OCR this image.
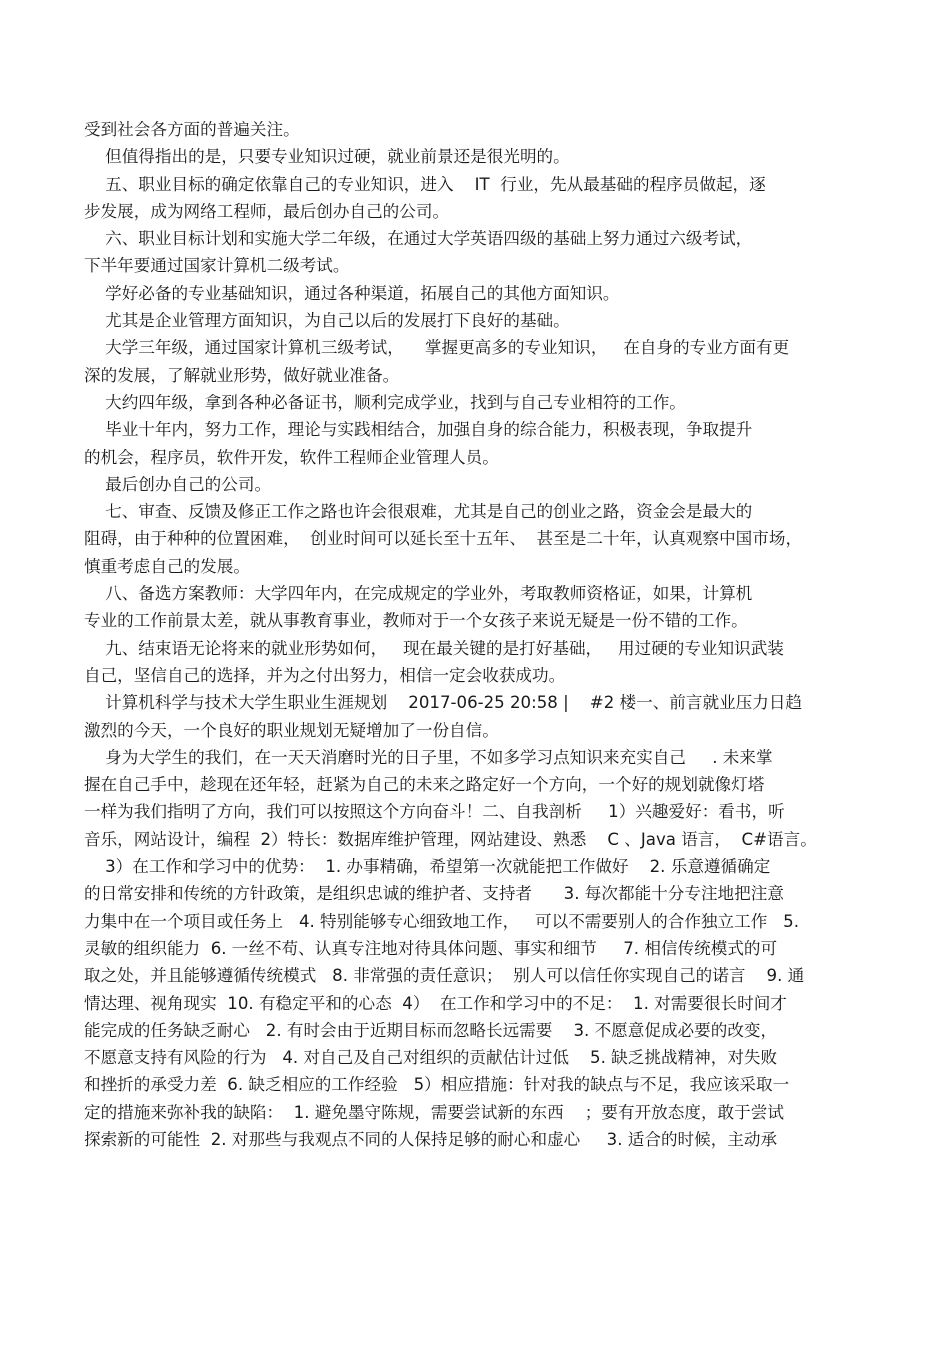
受到社会各方面的普遍关注。
但值得指出的是，只要专业知识过硬，就业前景还是很光明的。
五、职业目标的确定依靠自己的专业知识，进入    IT  行业，先从最基础的程序员做起，逐
步发展，成为网络工程师，最后创办自己的公司。
六、职业目标计划和实施大学二年级，在通过大学英语四级的基础上努力通过六级考试，
下半年要通过国家计算机二级考试。
学好必备的专业基础知识，通过各种渠道，拓展自己的其他方面知识。
尤其是企业管理方面知识，为自己以后的发展打下良好的基础。
大学三年级，通过国家计算机三级考试，    掌握更高多的专业知识，   在自身的专业方面有更
深的发展，了解就业形势，做好就业准备。
大约四年级，拿到各种必备证书，顺利完成学业，找到与自己专业相符的工作。
毕业十年内，努力工作，理论与实践相结合，加强自身的综合能力，积极表现，争取提升
的机会，程序员，软件开发，软件工程师企业管理人员。
最后创办自己的公司。
七、审查、反馈及修正工作之路也许会很艰难，尤其是自己的创业之路，资金会是最大的
阻碍，由于种种的位置困难，  创业时间可以延长至十五年、  甚至是二十年，认真观察中国市场，
慎重考虑自己的发展。
八、备选方案教师：大学四年内，在完成规定的学业外，考取教师资格证，如果，计算机
专业的工作前景太差，就从事教育事业，教师对于一个女孩子来说无疑是一份不错的工作。
九、结束语无论将来的就业形势如何，   现在最关键的是打好基础，   用过硬的专业知识武装
自己，坚信自己的选择，并为之付出努力，相信一定会收获成功。
计算机科学与技术大学生职业生涯规划    2017-06-25 20:58 |    #2 楼一、前言就业压力日趋
激烈的今天，一个良好的职业规划无疑增加了一份自信。
身为大学生的我们，在一天天消磨时光的日子里，不如多学习点知识来充实自己     . 未来掌
握在自己手中，趁现在还年轻，赶紧为自己的未来之路定好一个方向，一个好的规划就像灯塔
一样为我们指明了方向，我们可以按照这个方向奋斗！二、自我剖析     1）兴趣爱好：看书，听
音乐，网站设计，编程  2）特长：数据库维护管理，网站建设、熟悉    C 、Java 语言，  C#语言。
3）在工作和学习中的优势：  1. 办事精确，希望第一次就能把工作做好    2. 乐意遵循确定
的日常安排和传统的方针政策，是组织忠诚的维护者、支持者      3. 每次都能十分专注地把注意
力集中在一个项目或任务上   4. 特别能够专心细致地工作，   可以不需要别人的合作独立工作   5.
灵敏的组织能力  6. 一丝不苟、认真专注地对待具体问题、事实和细节     7. 相信传统模式的可
取之处，并且能够遵循传统模式   8. 非常强的责任意识；  别人可以信任你实现自己的诺言    9. 通
情达理、视角现实  10. 有稳定平和的心态  4）  在工作和学习中的不足：  1. 对需要很长时间才
能完成的任务缺乏耐心   2. 有时会由于近期目标而忽略长远需要    3. 不愿意促成必要的改变，
不愿意支持有风险的行为   4. 对自己及自己对组织的贡献估计过低    5. 缺乏挑战精神，对失败
和挫折的承受力差  6. 缺乏相应的工作经验   5）相应措施：针对我的缺点与不足，我应该采取一
定的措施来弥补我的缺陷：  1. 避免墨守陈规，需要尝试新的东西    ；要有开放态度，敢于尝试
探索新的可能性  2. 对那些与我观点不同的人保持足够的耐心和虚心     3. 适合的时候，主动承
